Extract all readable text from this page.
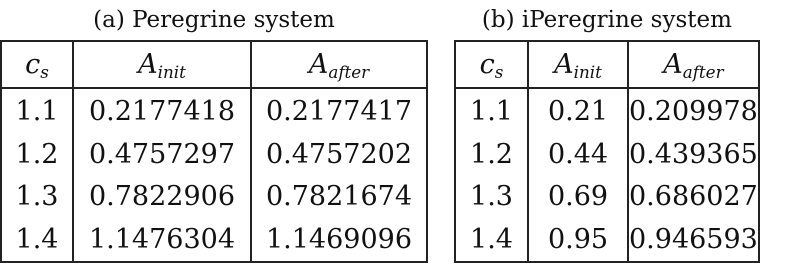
(a) Peregrine system
$c_s$	$A_{init}$	$A_{after}$
1.1	0.2177418	0.2177417
1.2	0.4757297	0.4757202
1.3	0.7822906	0.7821674
1.4	1.1476304	1.1469096
(b) iPeregrine system
$c_s$	$A_{init}$	$A_{after}$
1.1	0.21	0.209978
1.2	0.44	0.439365
1.3	0.69	0.686027
1.4	0.95	0.946593
